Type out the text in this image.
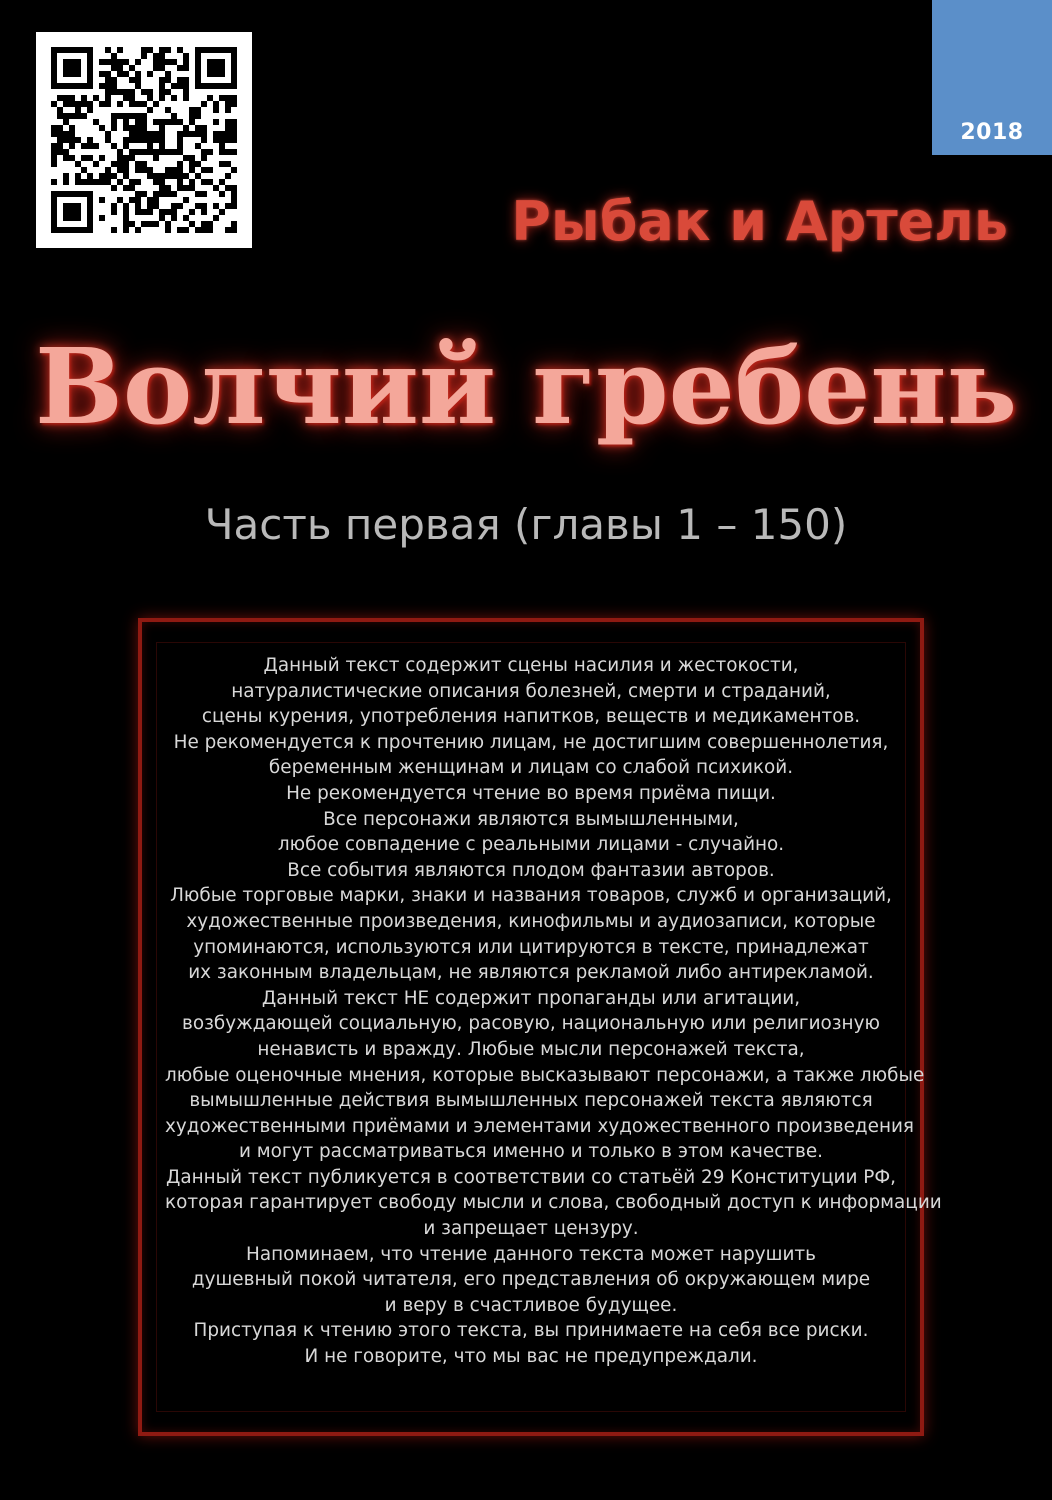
2018
Рыбак и Артель
Волчий гребень
Часть первая (главы 1 – 150)
Данный текст содержит сцены насилия и жестокости,
натуралистические описания болезней, смерти и страданий,
сцены курения, употребления напитков, веществ и медикаментов.
Не рекомендуется к прочтению лицам, не достигшим совершеннолетия,
беременным женщинам и лицам со слабой психикой.
Не рекомендуется чтение во время приёма пищи.
Все персонажи являются вымышленными,
любое совпадение с реальными лицами - случайно.
Все события являются плодом фантазии авторов.
Любые торговые марки, знаки и названия товаров, служб и организаций,
художественные произведения, кинофильмы и аудиозаписи, которые
упоминаются, используются или цитируются в тексте, принадлежат
их законным владельцам, не являются рекламой либо антирекламой.
Данный текст НЕ содержит пропаганды или агитации,
возбуждающей социальную, расовую, национальную или религиозную
ненависть и вражду. Любые мысли персонажей текста,
любые оценочные мнения, которые высказывают персонажи, а также любые
вымышленные действия вымышленных персонажей текста являются
художественными приёмами и элементами художественного произведения
и могут рассматриваться именно и только в этом качестве.
Данный текст публикуется в соответствии со статьёй 29 Конституции РФ,
которая гарантирует свободу мысли и слова, свободный доступ к информации
и запрещает цензуру.
Напоминаем, что чтение данного текста может нарушить
душевный покой читателя, его представления об окружающем мире
и веру в счастливое будущее.
Приступая к чтению этого текста, вы принимаете на себя все риски.
И не говорите, что мы вас не предупреждали.
